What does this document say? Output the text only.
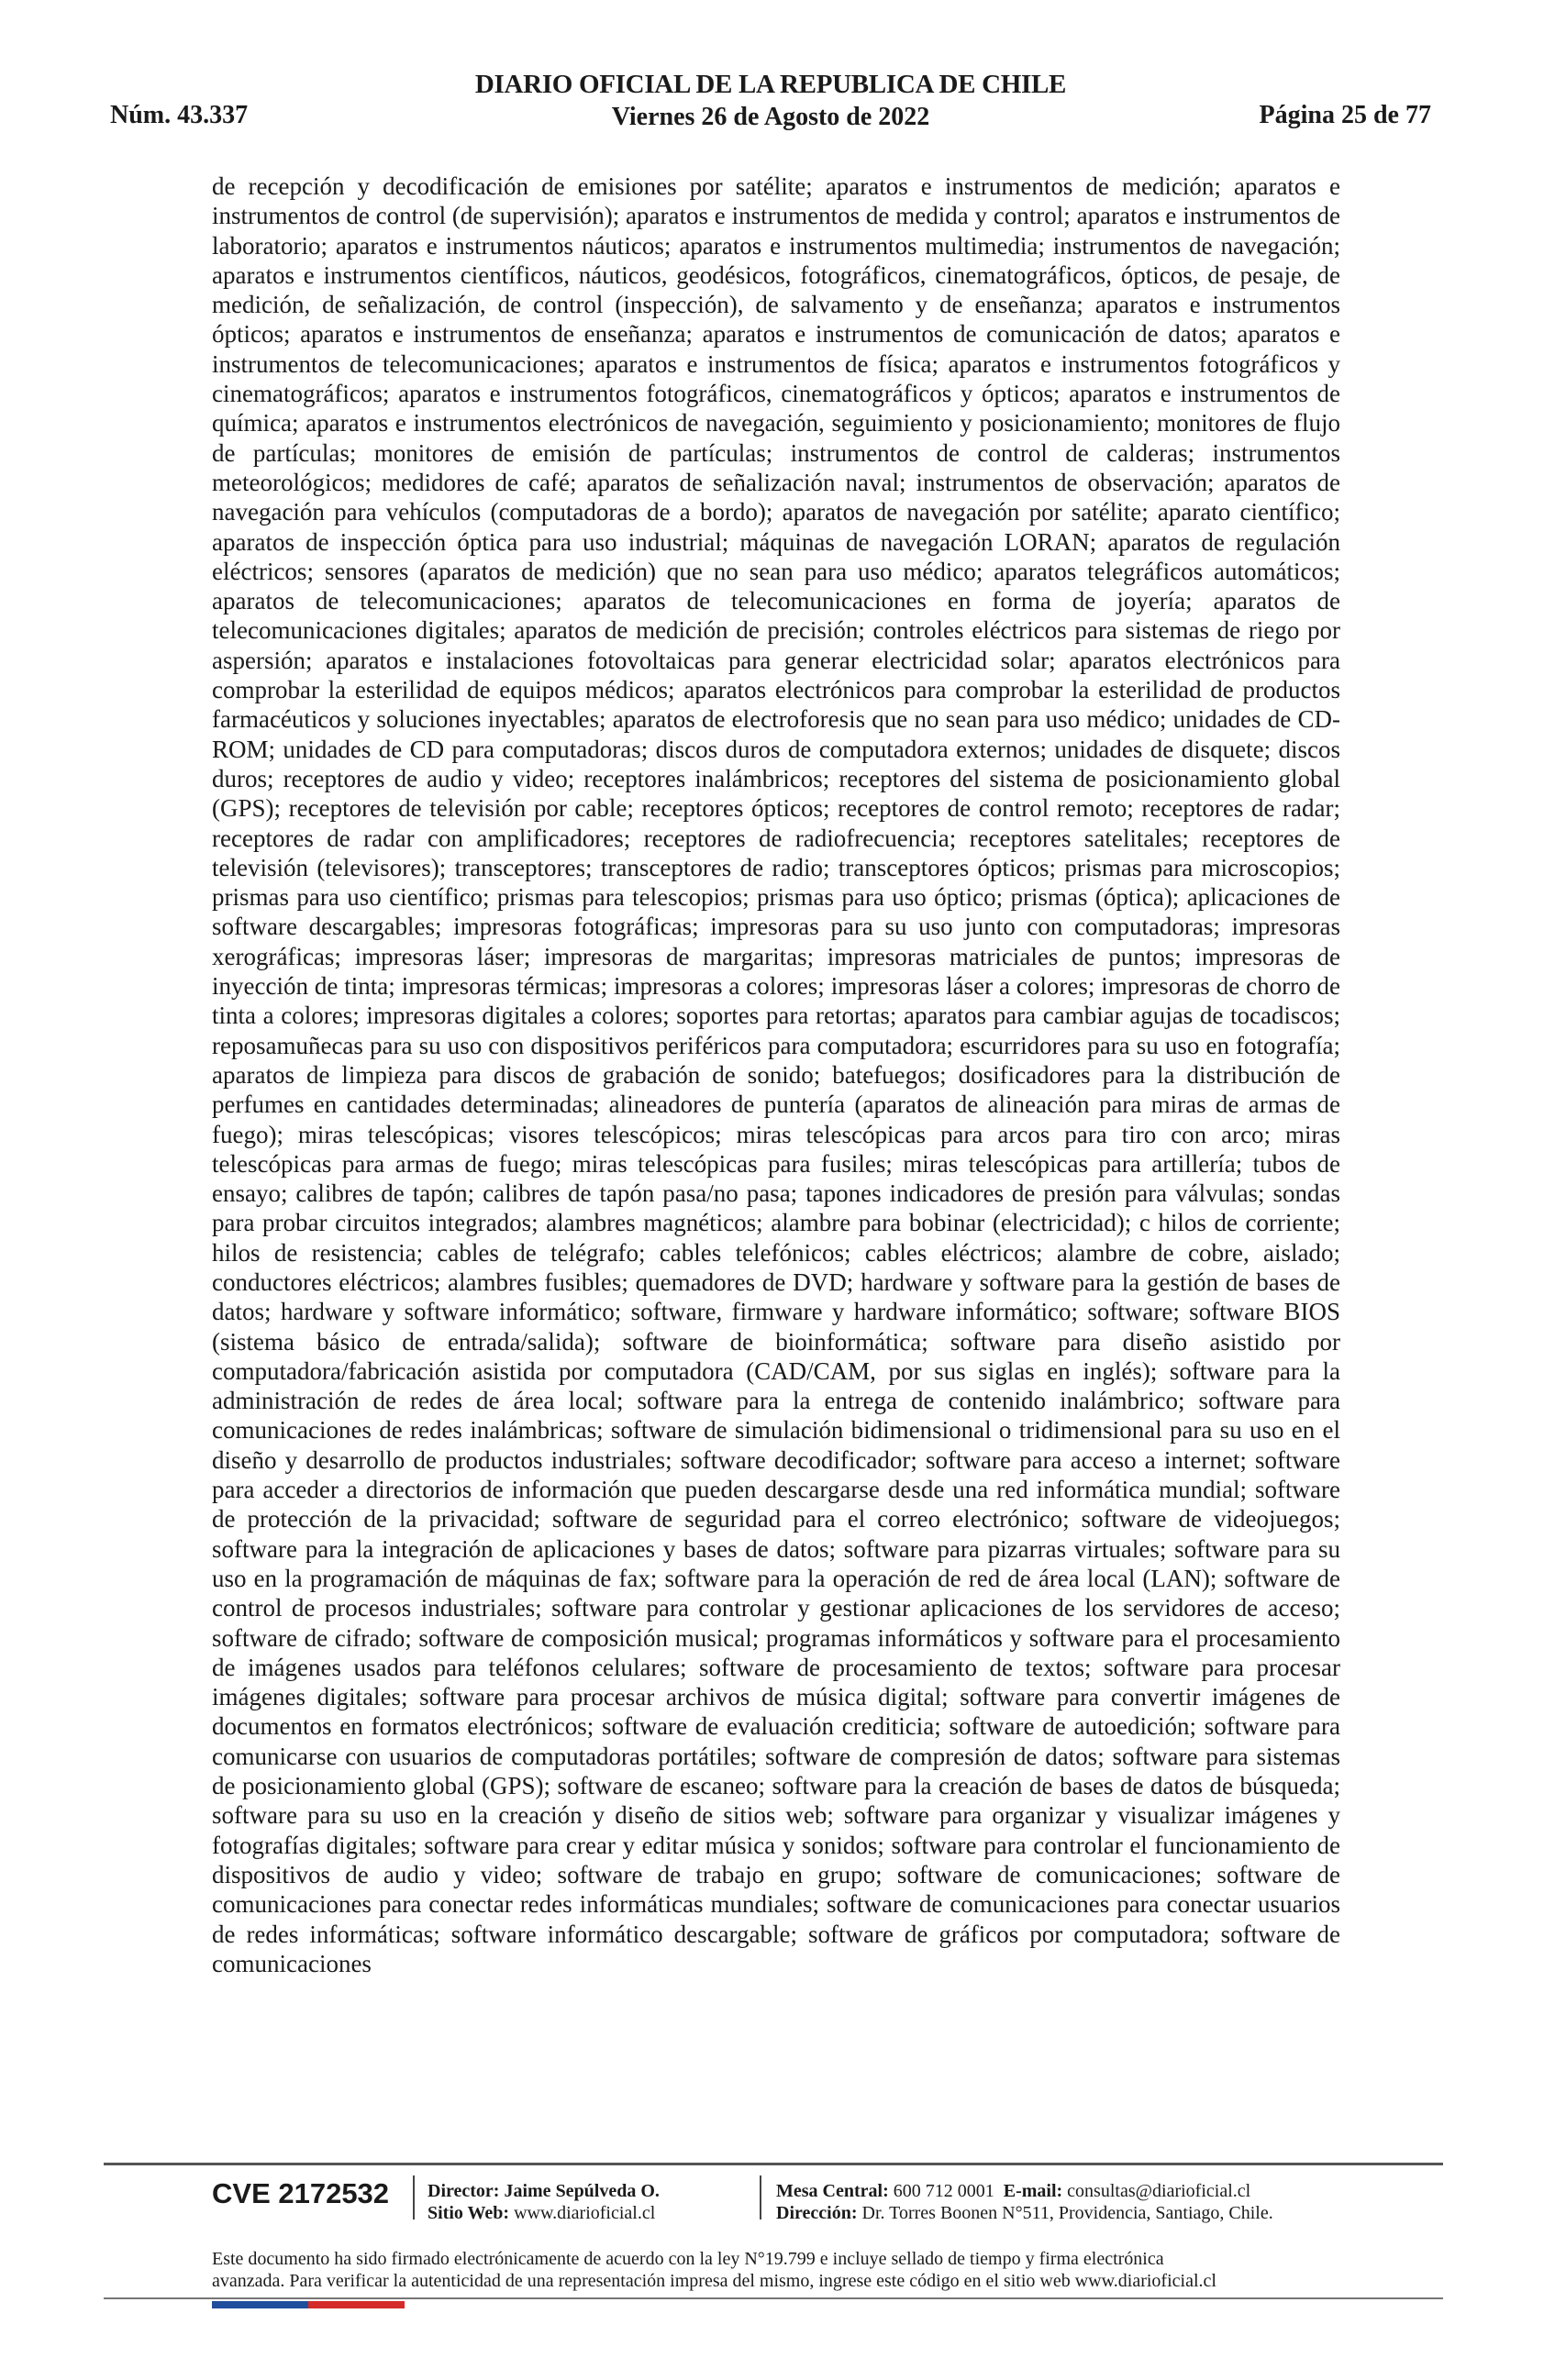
Núm. 43.337
DIARIO OFICIAL DE LA REPUBLICA DE CHILE
Viernes 26 de Agosto de 2022	Página 25 de 77
de recepción y decodificación de emisiones por satélite; aparatos e instrumentos de medición; aparatos e instrumentos de control (de supervisión); aparatos e instrumentos de medida y control; aparatos e instrumentos de laboratorio; aparatos e instrumentos náuticos; aparatos e instrumentos multimedia; instrumentos de navegación; aparatos e instrumentos científicos, náuticos, geodésicos, fotográficos, cinematográficos, ópticos, de pesaje, de medición, de señalización, de control (inspección), de salvamento y de enseñanza; aparatos e instrumentos ópticos; aparatos e instrumentos de enseñanza; aparatos e instrumentos de comunicación de datos; aparatos e instrumentos de telecomunicaciones; aparatos e instrumentos de física; aparatos e instrumentos fotográficos y cinematográficos; aparatos e instrumentos fotográficos, cinematográficos y ópticos; aparatos e instrumentos de química; aparatos e instrumentos electrónicos de navegación, seguimiento y posicionamiento; monitores de flujo de partículas; monitores de emisión de partículas; instrumentos de control de calderas; instrumentos meteorológicos; medidores de café; aparatos de señalización naval; instrumentos de observación; aparatos de navegación para vehículos (computadoras de a bordo); aparatos de navegación por satélite; aparato científico; aparatos de inspección óptica para uso industrial; máquinas de navegación LORAN; aparatos de regulación eléctricos; sensores (aparatos de medición) que no sean para uso médico; aparatos telegráficos automáticos; aparatos de telecomunicaciones; aparatos de telecomunicaciones en forma de joyería; aparatos de telecomunicaciones digitales; aparatos de medición de precisión; controles eléctricos para sistemas de riego por aspersión; aparatos e instalaciones fotovoltaicas para generar electricidad solar; aparatos electrónicos para comprobar la esterilidad de equipos médicos; aparatos electrónicos para comprobar la esterilidad de productos farmacéuticos y soluciones inyectables; aparatos de electroforesis que no sean para uso médico; unidades de CD-ROM; unidades de CD para computadoras; discos duros de computadora externos; unidades de disquete; discos duros; receptores de audio y video; receptores inalámbricos; receptores del sistema de posicionamiento global (GPS); receptores de televisión por cable; receptores ópticos; receptores de control remoto; receptores de radar; receptores de radar con amplificadores; receptores de radiofrecuencia; receptores satelitales; receptores de televisión (televisores); transceptores; transceptores de radio; transceptores ópticos; prismas para microscopios; prismas para uso científico; prismas para telescopios; prismas para uso óptico; prismas (óptica); aplicaciones de software descargables; impresoras fotográficas; impresoras para su uso junto con computadoras; impresoras xerográficas; impresoras láser; impresoras de margaritas; impresoras matriciales de puntos; impresoras de inyección de tinta; impresoras térmicas; impresoras a colores; impresoras láser a colores; impresoras de chorro de tinta a colores; impresoras digitales a colores; soportes para retortas; aparatos para cambiar agujas de tocadiscos; reposamuñecas para su uso con dispositivos periféricos para computadora; escurridores para su uso en fotografía; aparatos de limpieza para discos de grabación de sonido; batefuegos; dosificadores para la distribución de perfumes en cantidades determinadas; alineadores de puntería (aparatos de alineación para miras de armas de fuego); miras telescópicas; visores telescópicos; miras telescópicas para arcos para tiro con arco; miras telescópicas para armas de fuego; miras telescópicas para fusiles; miras telescópicas para artillería; tubos de ensayo; calibres de tapón; calibres de tapón pasa/no pasa; tapones indicadores de presión para válvulas; sondas para probar circuitos integrados; alambres magnéticos; alambre para bobinar (electricidad); c hilos de corriente; hilos de resistencia; cables de telégrafo; cables telefónicos; cables eléctricos; alambre de cobre, aislado; conductores eléctricos; alambres fusibles; quemadores de DVD; hardware y software para la gestión de bases de datos; hardware y software informático; software, firmware y hardware informático; software; software BIOS (sistema básico de entrada/salida); software de bioinformática; software para diseño asistido por computadora/fabricación asistida por computadora (CAD/CAM, por sus siglas en inglés); software para la administración de redes de área local; software para la entrega de contenido inalámbrico; software para comunicaciones de redes inalámbricas; software de simulación bidimensional o tridimensional para su uso en el diseño y desarrollo de productos industriales; software decodificador; software para acceso a internet; software para acceder a directorios de información que pueden descargarse desde una red informática mundial; software de protección de la privacidad; software de seguridad para el correo electrónico; software de videojuegos; software para la integración de aplicaciones y bases de datos; software para pizarras virtuales; software para su uso en la programación de máquinas de fax; software para la operación de red de área local (LAN); software de control de procesos industriales; software para controlar y gestionar aplicaciones de los servidores de acceso; software de cifrado; software de composición musical; programas informáticos y software para el procesamiento de imágenes usados para teléfonos celulares; software de procesamiento de textos; software para procesar imágenes digitales; software para procesar archivos de música digital; software para convertir imágenes de documentos en formatos electrónicos; software de evaluación crediticia; software de autoedición; software para comunicarse con usuarios de computadoras portátiles; software de compresión de datos; software para sistemas de posicionamiento global (GPS); software de escaneo; software para la creación de bases de datos de búsqueda; software para su uso en la creación y diseño de sitios web; software para organizar y visualizar imágenes y fotografías digitales; software para crear y editar música y sonidos; software para controlar el funcionamiento de dispositivos de audio y video; software de trabajo en grupo; software de comunicaciones; software de comunicaciones para conectar redes informáticas mundiales; software de comunicaciones para conectar usuarios de redes informáticas; software informático descargable; software de gráficos por computadora; software de comunicaciones
CVE 2172532 Director: Jaime Sepúlveda O.
Sitio Web: www.diarioficial.cl
Mesa Central: 600 712 0001 E-mail: consultas@diarioficial.cl
Dirección: Dr. Torres Boonen N°511, Providencia, Santiago, Chile.
Este documento ha sido firmado electrónicamente de acuerdo con la ley N°19.799 e incluye sellado de tiempo y firma electrónica
avanzada. Para verificar la autenticidad de una representación impresa del mismo, ingrese este código en el sitio web www.diarioficial.cl
